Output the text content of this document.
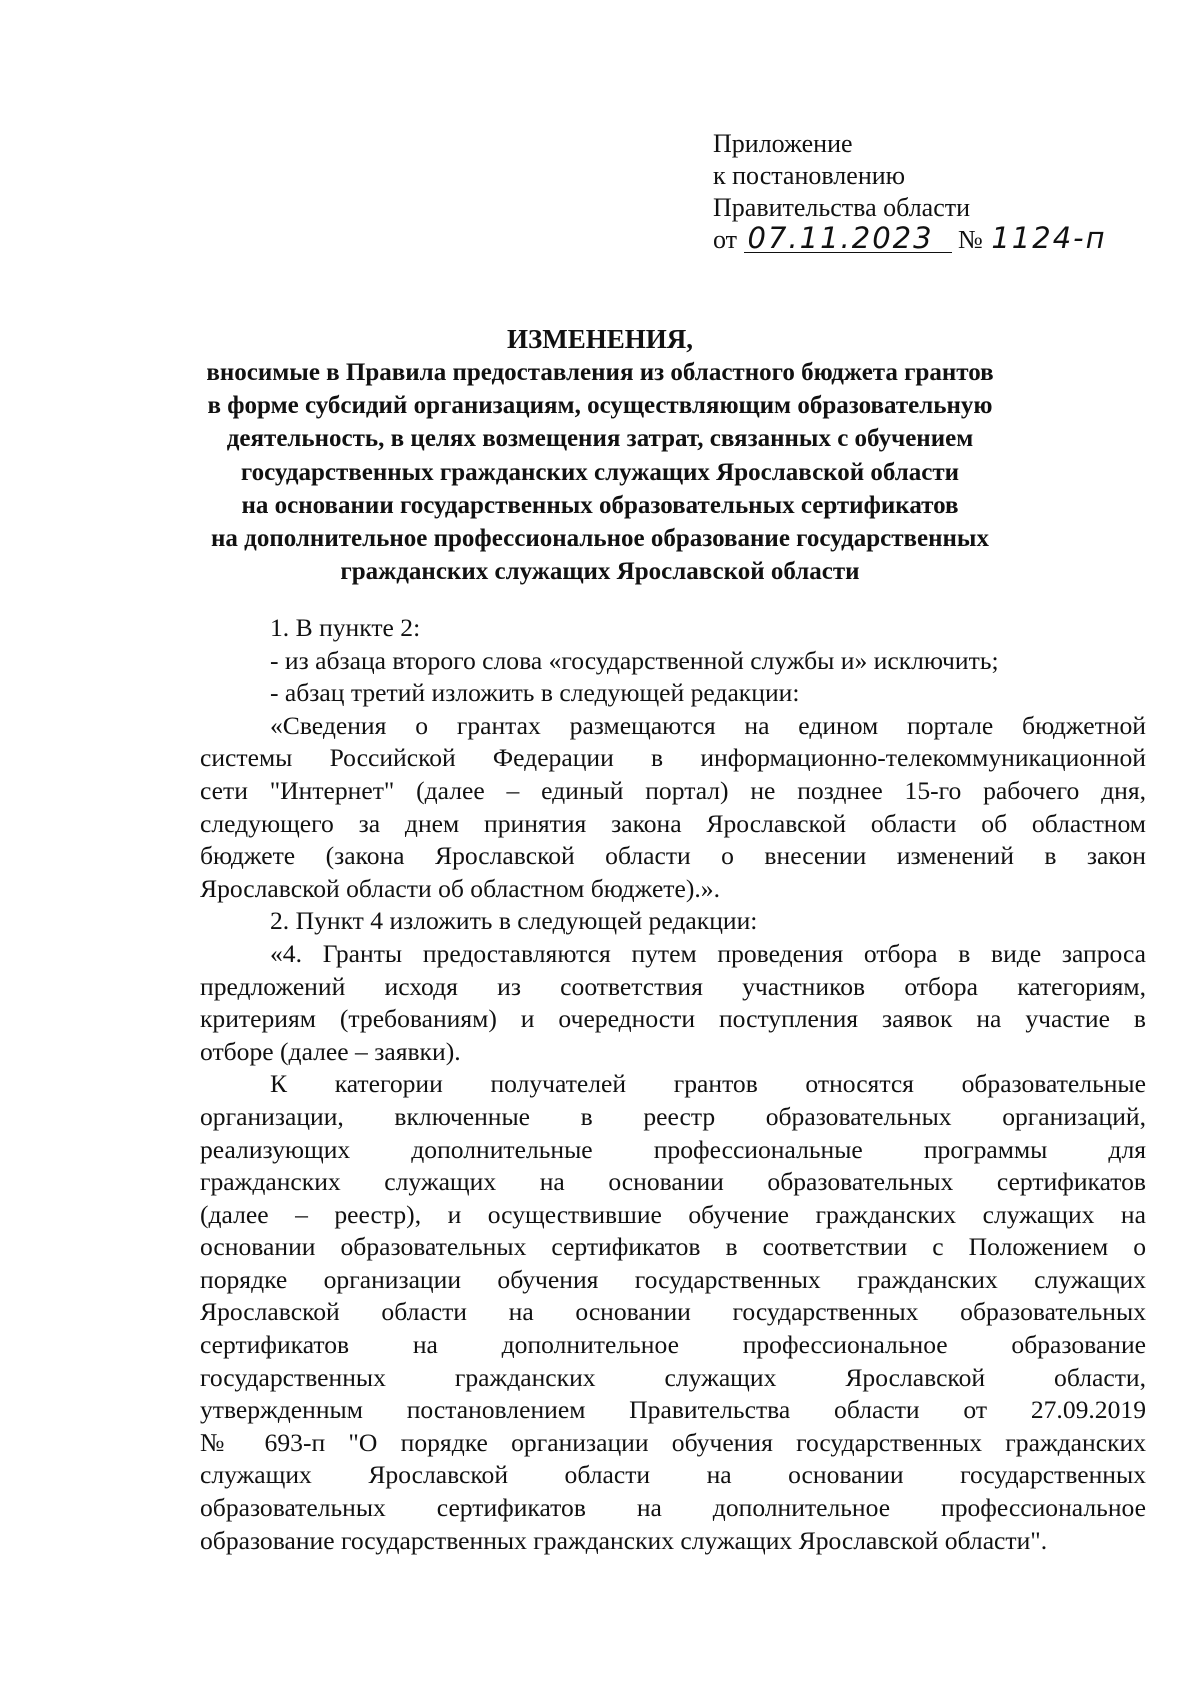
Приложение
к постановлению
Правительства области
от 07.11.2023 № 1124-п
ИЗМЕНЕНИЯ,
вносимые в Правила предоставления из областного бюджета грантов
в форме субсидий организациям, осуществляющим образовательную
деятельность, в целях возмещения затрат, связанных с обучением
государственных гражданских служащих Ярославской области
на основании государственных образовательных сертификатов
на дополнительное профессиональное образование государственных
гражданских служащих Ярославской области
1. В пункте 2:
- из абзаца второго слова «государственной службы и» исключить;
- абзац третий изложить в следующей редакции:
«Сведения о грантах размещаются на едином портале бюджетной
системы Российской Федерации в информационно-телекоммуникационной
сети "Интернет" (далее – единый портал) не позднее 15-го рабочего дня,
следующего за днем принятия закона Ярославской области об областном
бюджете (закона Ярославской области о внесении изменений в закон
Ярославской области об областном бюджете).».
2. Пункт 4 изложить в следующей редакции:
«4. Гранты предоставляются путем проведения отбора в виде запроса
предложений исходя из соответствия участников отбора категориям,
критериям (требованиям) и очередности поступления заявок на участие в
отборе (далее – заявки).
К категории получателей грантов относятся образовательные
организации, включенные в реестр образовательных организаций,
реализующих дополнительные профессиональные программы для
гражданских служащих на основании образовательных сертификатов
(далее – реестр), и осуществившие обучение гражданских служащих на
основании образовательных сертификатов в соответствии с Положением о
порядке организации обучения государственных гражданских служащих
Ярославской области на основании государственных образовательных
сертификатов на дополнительное профессиональное образование
государственных гражданских служащих Ярославской области,
утвержденным постановлением Правительства области от 27.09.2019
№ 693-п "О порядке организации обучения государственных гражданских
служащих Ярославской области на основании государственных
образовательных сертификатов на дополнительное профессиональное
образование государственных гражданских служащих Ярославской области".
